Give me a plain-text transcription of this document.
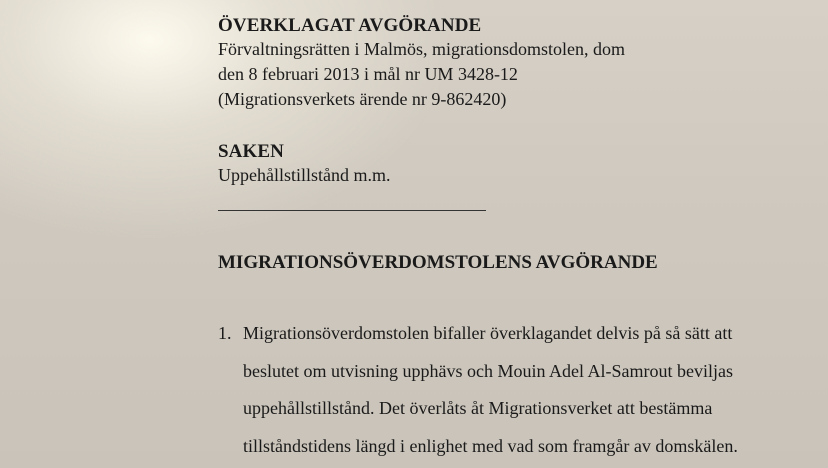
ÖVERKLAGAT AVGÖRANDE
Förvaltningsrätten i Malmös, migrationsdomstolen, dom
den 8 februari 2013 i mål nr UM 3428-12
(Migrationsverkets ärende nr 9-862420)
SAKEN
Uppehållstillstånd m.m.
MIGRATIONSÖVERDOMSTOLENS AVGÖRANDE
1. Migrationsöverdomstolen bifaller överklagandet delvis på så sätt att
beslutet om utvisning upphävs och Mouin Adel Al-Samrout beviljas
uppehållstillstånd. Det överlåts åt Migrationsverket att bestämma
tillståndstidens längd i enlighet med vad som framgår av domskälen.
